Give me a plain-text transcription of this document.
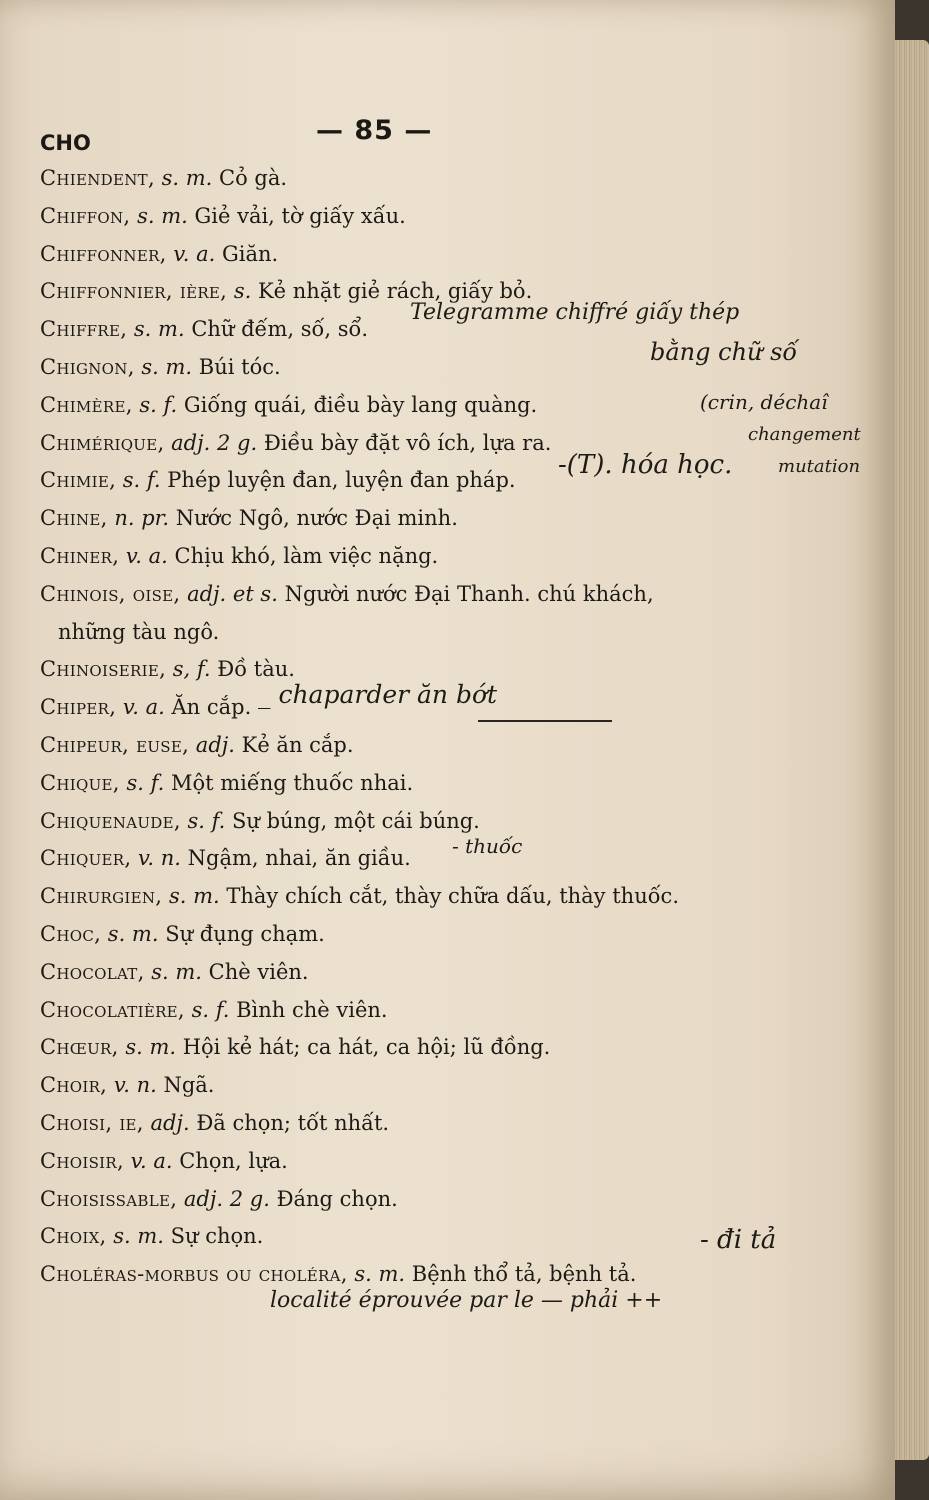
CHO	— 85 —
Chiendent, s. m. Cỏ gà.
Chiffon, s. m. Giẻ vải, tờ giấy xấu.
Chiffonner, v. a. Giăn.
Chiffonnier, ière, s. Kẻ nhặt giẻ rách, giấy bỏ.
Chiffre, s. m. Chữ đếm, số, sổ.
Chignon, s. m. Búi tóc.
Chimère, s. f. Giống quái, điều bày lang quàng.
Chimérique, adj. 2 g. Điều bày đặt vô ích, lựa ra.
Chimie, s. f. Phép luyện đan, luyện đan pháp.
Chine, n. pr. Nước Ngô, nước Đại minh.
Chiner, v. a. Chịu khó, làm việc nặng.
Chinois, oise, adj. et s. Người nước Đại Thanh. chú khách,
những tàu ngô.
Chinoiserie, s, f. Đồ tàu.
Chiper, v. a. Ăn cắp.
Chipeur, euse, adj. Kẻ ăn cắp.
Chique, s. f. Một miếng thuốc nhai.
Chiquenaude, s. f. Sự búng, một cái búng.
Chiquer, v. n. Ngậm, nhai, ăn giầu.
Chirurgien, s. m. Thày chích cắt, thày chữa dấu, thày thuốc.
Choc, s. m. Sự đụng chạm.
Chocolat, s. m. Chè viên.
Chocolatière, s. f. Bình chè viên.
Chœur, s. m. Hội kẻ hát; ca hát, ca hội; lũ đồng.
Choir, v. n. Ngã.
Choisi, ie, adj. Đã chọn; tốt nhất.
Choisir, v. a. Chọn, lựa.
Choisissable, adj. 2 g. Đáng chọn.
Choix, s. m. Sự chọn.
Choléras-morbus ou choléra, s. m. Bệnh thổ tả, bệnh tả.
Telegramme chiffré giấy thép
bằng chữ số
(crin, déchaî
changement
mutation
-(T). hóa học.
_ chaparder ăn bớt
- thuốc
- đi tả
localité éprouvée par le — phải ++
